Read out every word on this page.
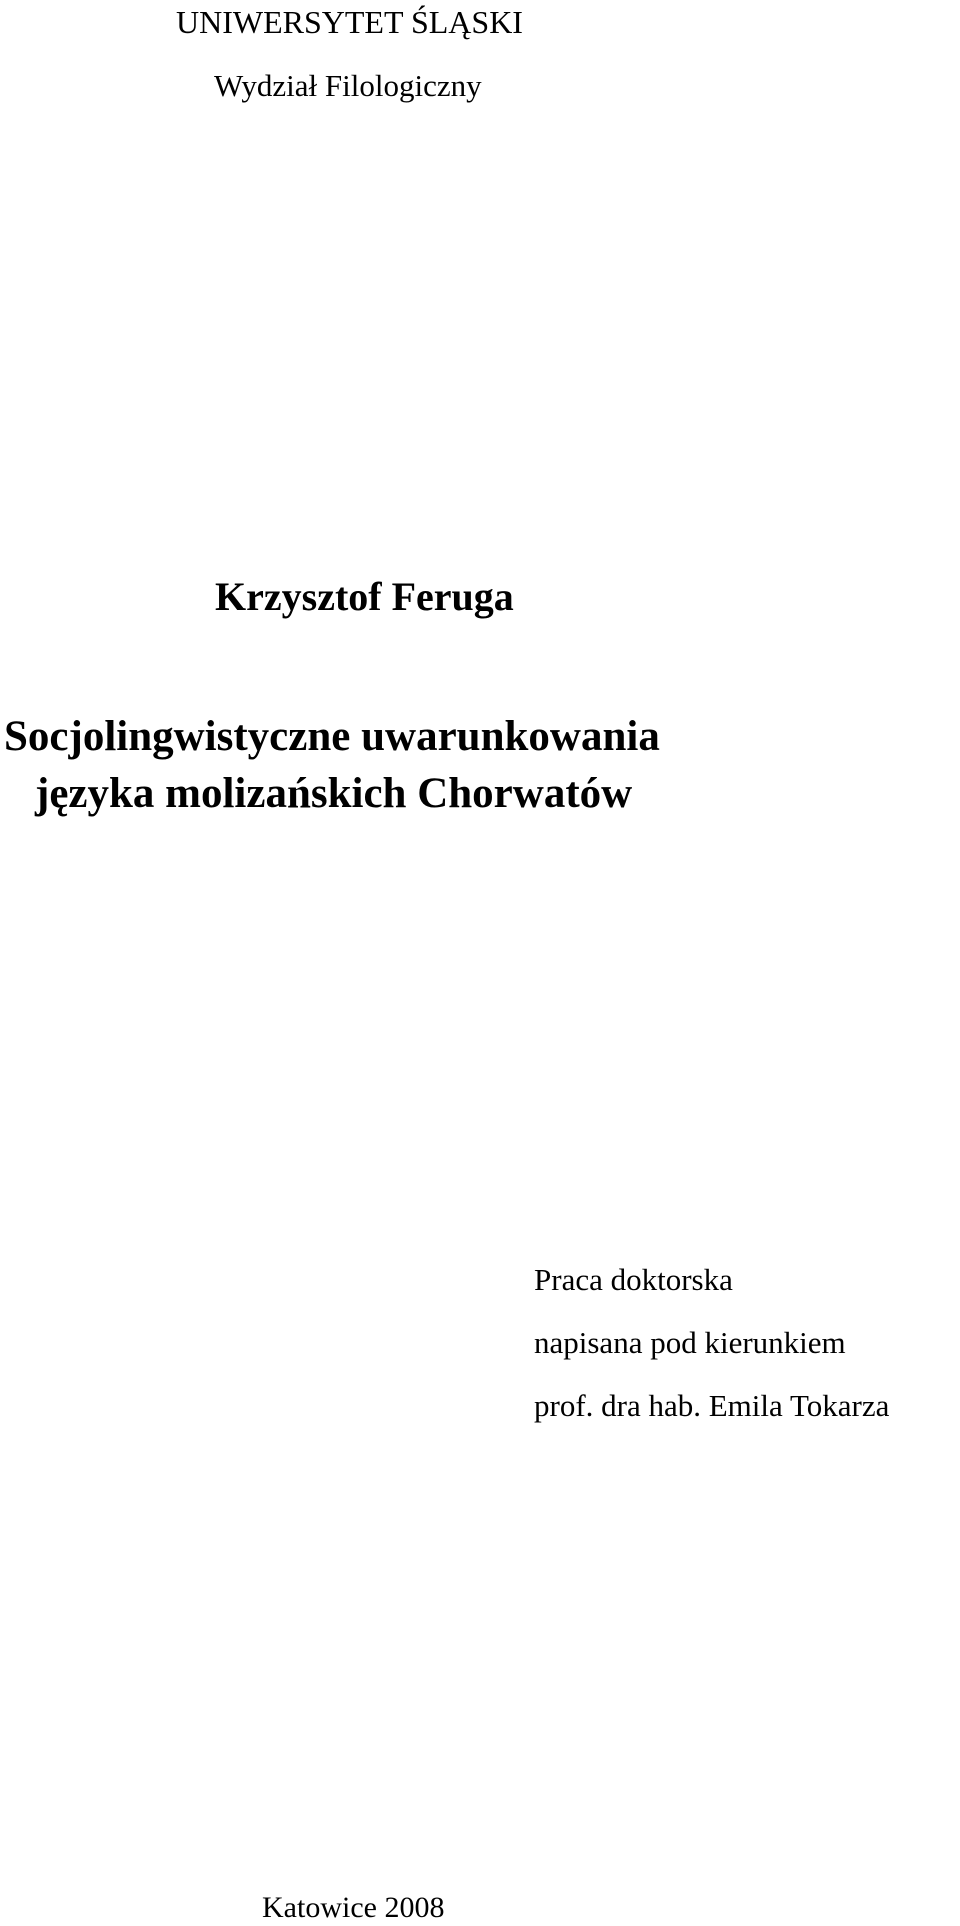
UNIWERSYTET ŚLĄSKI

Wydział Filologiczny

Krzysztof Feruga

Socjolingwistyczne uwarunkowania
języka molizańskich Chorwatów

Praca doktorska

napisana pod kierunkiem

prof. dra hab. Emila Tokarza

Katowice 2008
